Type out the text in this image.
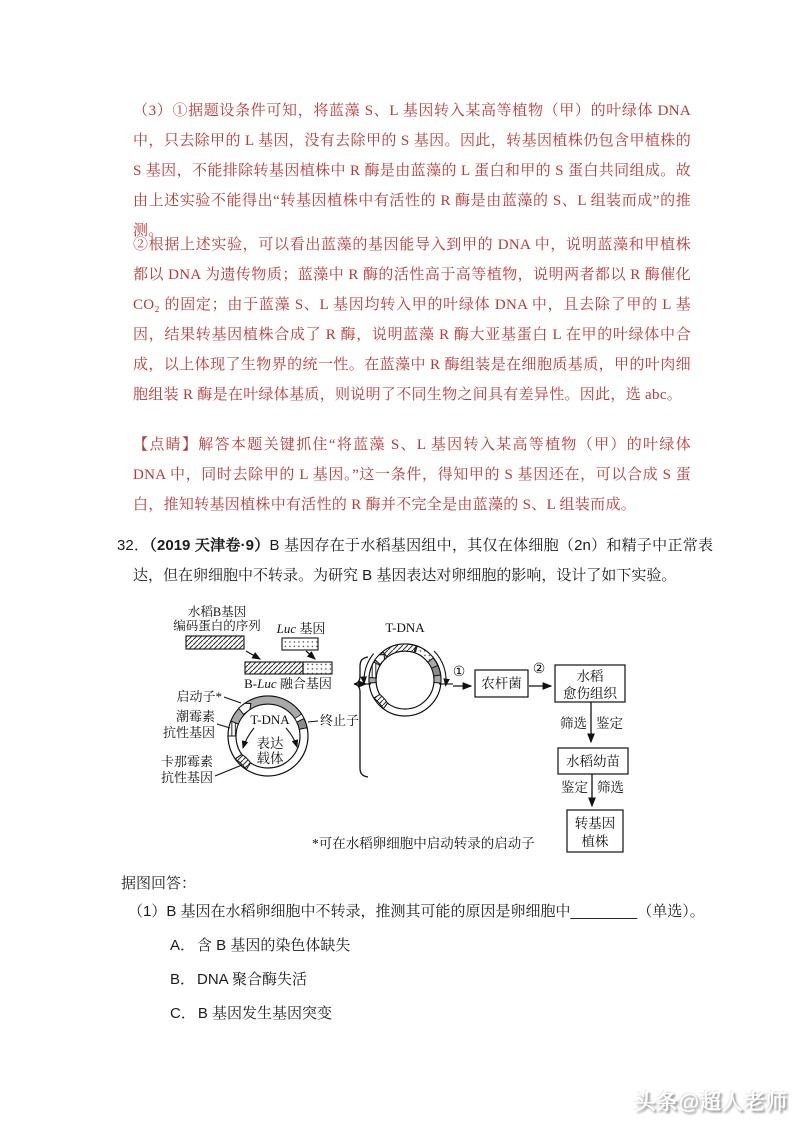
（3）①据题设条件可知，将蓝藻 S、L 基因转入某高等植物（甲）的叶绿体 DNA 中，只去除甲的 L 基因，没有去除甲的 S 基因。因此，转基因植株仍包含甲植株的 S 基因，不能排除转基因植株中 R 酶是由蓝藻的 L 蛋白和甲的 S 蛋白共同组成。故由上述实验不能得出“转基因植株中有活性的 R 酶是由蓝藻的 S、L 组装而成”的推测。
②根据上述实验，可以看出蓝藻的基因能导入到甲的 DNA 中，说明蓝藻和甲植株都以 DNA 为遗传物质；蓝藻中 R 酶的活性高于高等植物，说明两者都以 R 酶催化 CO₂ 的固定；由于蓝藻 S、L 基因均转入甲的叶绿体 DNA 中，且去除了甲的 L 基因，结果转基因植株合成了 R 酶，说明蓝藻 R 酶大亚基蛋白 L 在甲的叶绿体中合成，以上体现了生物界的统一性。在蓝藻中 R 酶组装是在细胞质基质，甲的叶肉细胞组装 R 酶是在叶绿体基质，则说明了不同生物之间具有差异性。因此，选 abc。
【点睛】解答本题关键抓住“将蓝藻 S、L 基因转入某高等植物（甲）的叶绿体 DNA 中，同时去除甲的 L 基因。”这一条件，得知甲的 S 基因还在，可以合成 S 蛋白，推知转基因植株中有活性的 R 酶并不完全是由蓝藻的 S、L 组装而成。
32．（2019 天津卷·9）B 基因存在于水稻基因组中，其仅在体细胞（2n）和精子中正常表达，但在卵细胞中不转录。为研究 B 基因表达对卵细胞的影响，设计了如下实验。
水稻B基因
编码蛋白的序列 Luc 基因
B-Luc 融合基因
T-DNA
表达
载体
启动子*
潮霉素
抗性基因
卡那霉素
抗性基因
终止子
T-DNA
①
农杆菌
② 水稻
愈伤组织
筛选 鉴定
水稻幼苗
鉴定 筛选
转基因
植株
*可在水稻卵细胞中启动转录的启动子
据图回答：
（1）B 基因在水稻卵细胞中不转录，推测其可能的原因是卵细胞中________（单选）。
A． 含 B 基因的染色体缺失
B． DNA 聚合酶失活
C． B 基因发生基因突变
头条@超人老师
